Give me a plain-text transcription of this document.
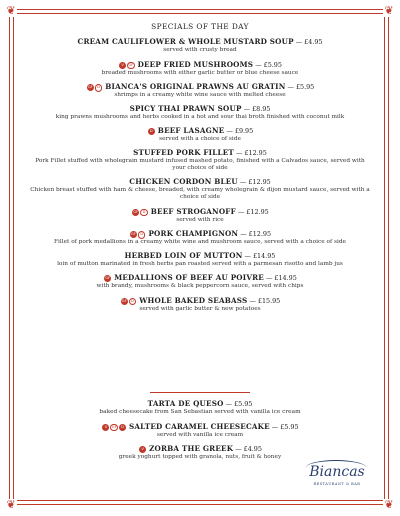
❦	❦
❦	❦
SPECIALS OF THE DAY
CREAM CAULIFLOWER & WHOLE MUSTARD SOUP — £4.95
served with crusty bread
V GF DEEP FRIED MUSHROOMS — £5.95
breaded mushrooms with either garlic butter or blue cheese sauce
GF D BIANCA'S ORIGINAL PRAWNS AU GRATIN — £5.95
shrimps in a creamy white wine sauce with melted cheese
SPICY THAI PRAWN SOUP — £8.95
king prawns mushrooms and herbs cooked in a hot and sour thai broth finished with coconut milk
D BEEF LASAGNE — £9.95
served with a choice of side
STUFFED PORK FILLET — £12.95
Pork Fillet stuffed with wholegrain mustard infused mashed potato, finished with a Calvados sauce, served with your choice of side
CHICKEN CORDON BLEU — £12.95
Chicken breast stuffed with ham & cheese, breaded, with creamy wholegrain & dijon mustard sauce, served with a choice of side
GF D BEEF STROGANOFF — £12.95
served with rice
GF D PORK CHAMPIGNON — £12.95
Fillet of pork medallions in a creamy white wine and mushroom sauce, served with a choice of side
HERBED LOIN OF MUTTON — £14.95
loin of mutton marinated in fresh herbs pan roasted served with a parmesan risotto and lamb jus
GF MEDALLIONS OF BEEF AU POIVRE — £14.95
with brandy, mushrooms & black peppercorn sauce, served with chips
GF D WHOLE BAKED SEABASS — £15.95
served with garlic butter & new potatoes
TARTA DE QUESO — £5.95
baked cheesecake from San Sebastian served with vanilla ice cream
V GF D SALTED CARAMEL CHEESECAKE — £5.95
served with vanilla ice cream
V ZORBA THE GREEK — £4.95
greek yoghurt topped with granola, nuts, fruit & honey
Biancas
RESTAURANT & BAR
